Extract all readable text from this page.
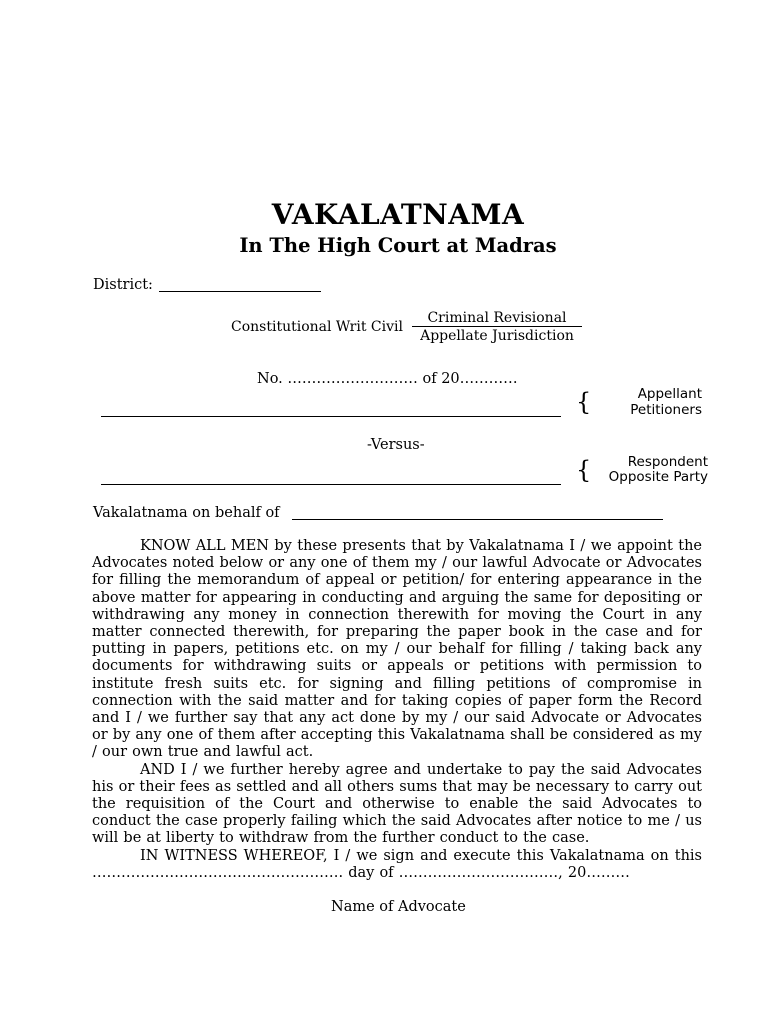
VAKALATNAMA
In The High Court at Madras
District:
Constitutional Writ Civil
Criminal Revisional
Appellate Jurisdiction
No. ……………………… of 20…………
{	Appellant
Petitioners
-Versus-
{	Respondent
Opposite Party
Vakalatnama on behalf of

KNOW ALL MEN by these presents that by Vakalatnama I / we appoint the Advocates noted below or any one of them my / our lawful Advocate or Advocates for filling the memorandum of appeal or petition/ for entering appearance in the above matter for appearing in conducting and arguing the same for depositing or withdrawing any money in connection therewith for moving the Court in any matter connected therewith, for preparing the paper book in the case and for putting in papers, petitions etc. on my / our behalf for filling / taking back any documents for withdrawing suits or appeals or petitions with permission to institute fresh suits etc. for signing and filling petitions of compromise in connection with the said matter and for taking copies of paper form the Record and I / we further say that any act done by my / our said Advocate or Advocates or by any one of them after accepting this Vakalatnama shall be considered as my / our own true and lawful act.

AND I / we further hereby agree and undertake to pay the said Advocates his or their fees as settled and all others sums that may be necessary to carry out the requisition of the Court and otherwise to enable the said Advocates to conduct the case properly failing which the said Advocates after notice to me / us will be at liberty to withdraw from the further conduct to the case.

IN WITNESS WHEREOF, I / we sign and execute this Vakalatnama on this ……………………………………………. day of ……………………………, 20………

Name of Advocate
